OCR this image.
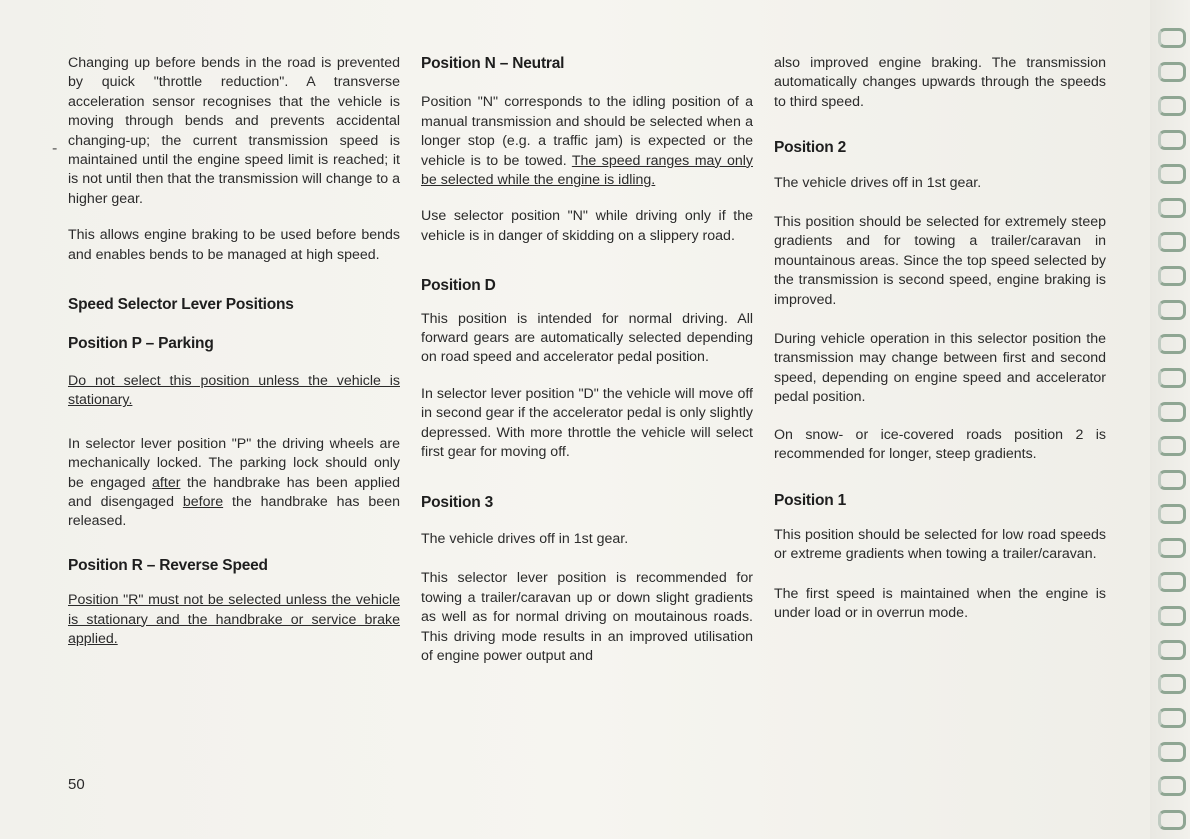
-

Changing up before bends in the road is prevented by quick "throttle reduction". A transverse acceleration sensor recognises that the vehicle is moving through bends and prevents accidental changing-up; the current transmission speed is maintained until the engine speed limit is reached; it is not until then that the transmission will change to a higher gear.

This allows engine braking to be used before bends and enables bends to be managed at high speed.

Speed Selector Lever Positions
Position P – Parking

Do not select this position unless the vehicle is stationary.

In selector lever position "P" the driving wheels are mechanically locked. The parking lock should only be engaged after the handbrake has been applied and disengaged before the handbrake has been released.

Position R – Reverse Speed

Position "R" must not be selected unless the vehicle is stationary and the handbrake or service brake applied.

Position N – Neutral

Position "N" corresponds to the idling position of a manual transmission and should be selected when a longer stop (e.g. a traffic jam) is expected or the vehicle is to be towed. The speed ranges may only be selected while the engine is idling.

Use selector position "N" while driving only if the vehicle is in danger of skidding on a slippery road.

Position D

This position is intended for normal driving. All forward gears are automatically selected depending on road speed and accelerator pedal position.

In selector lever position "D" the vehicle will move off in second gear if the accelerator pedal is only slightly depressed. With more throttle the vehicle will select first gear for moving off.

Position 3

The vehicle drives off in 1st gear.

This selector lever position is recommended for towing a trailer/caravan up or down slight gradients as well as for normal driving on moutainous roads. This driving mode results in an improved utilisation of engine power output and

also improved engine braking. The transmission automatically changes upwards through the speeds to third speed.

Position 2

The vehicle drives off in 1st gear.

This position should be selected for extremely steep gradients and for towing a trailer/caravan in mountainous areas. Since the top speed selected by the transmission is second speed, engine braking is improved.

During vehicle operation in this selector position the transmission may change between first and second speed, depending on engine speed and accelerator pedal position.

On snow- or ice-covered roads position 2 is recommended for longer, steep gradients.

Position 1

This position should be selected for low road speeds or extreme gradients when towing a trailer/caravan.

The first speed is maintained when the engine is under load or in overrun mode.

50
